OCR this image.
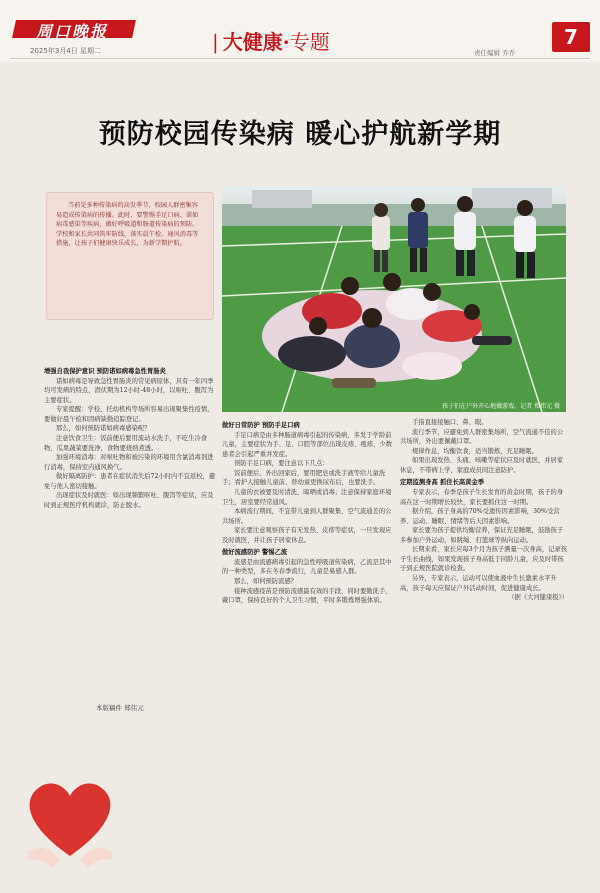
周口晚报
2025年3月4日 星期二	| 大健康·专题	责任编辑 乔乔
7
预防校园传染病 暖心护航新学期
当前是多种传染病的高发季节，校园人群密集容易造成传染病的传播。此时，要警惕手足口病、诺如病毒感染等疾病，做好呼吸道和肠道传染病的预防。学校和家长共同筑牢防线，落实晨午检、通风消毒等措施，让孩子们健康快乐成长，为新学期护航。
孩子们在户外开心地做游戏。记者 郑伟元 摄

增强自我保护意识 预防诺如病毒急性胃肠炎

诺如病毒是导致急性胃肠炎的常见病原体，具有一年四季均可发病的特点，潜伏期为12小时-48小时，以呕吐、腹泻为主要症状。

专家提醒：学校、托幼机构等场所容易出现聚集性疫情，要做好晨午检和因病缺勤追踪登记。

那么，如何预防诺如病毒感染呢？

注意饮食卫生：饭前便后要用流动水洗手，不吃生冷食物，瓜果蔬菜要洗净，食物要烧熟煮透。

加强环境消毒：对呕吐物和被污染的环境用含氯消毒剂进行消毒，保持室内通风换气。

做好隔离防护：患者在症状消失后72小时内不宜返校，避免与他人密切接触。

出现症状及时就医：如出现频繁呕吐、腹泻等症状，应及时到正规医疗机构就诊，防止脱水。

本版稿件 郑伟元

做好日常防护 预防手足口病

手足口病是由多种肠道病毒引起的传染病，多发于学龄前儿童，主要症状为手、足、口腔等部位出现皮疹、疱疹，少数患者会引起严重并发症。

预防手足口病，要注意以下几点：

饭前便后、外出回家后，要用肥皂或洗手液等给儿童洗手；看护人接触儿童前、替幼童更换尿布后，也要洗手。

儿童的衣被要及时清洗、晾晒或消毒；注意保持家庭环境卫生，居室要经常通风。

本病流行期间，不宜带儿童到人群聚集、空气流通差的公共场所。

家长要注意观察孩子有无发热、皮疹等症状，一旦发现应及时就医，并让孩子居家休息。

做好流感防护 警惕乙流

流感是由流感病毒引起的急性呼吸道传染病，乙流是其中的一种类型，多在冬春季流行，儿童是易感人群。

那么，如何预防流感？

接种流感疫苗是预防流感最有效的手段，同时要勤洗手、戴口罩，保持良好的个人卫生习惯，平时多锻炼增强体质。

手指直接接触口、鼻、眼。

流行季节，应避免到人群密集场所，空气流通不佳的公共场所，外出要佩戴口罩。

规律作息，均衡饮食，适当锻炼，充足睡眠。

如果出现发热、头痛、咳嗽等症状应及时就医，并居家休息，不带病上学，家庭成员间注意防护。

定期监测身高 抓住长高黄金季

专家表示，春季是孩子生长发育的黄金时期，孩子的身高在这一时期增长较快，家长要抓住这一时期。

据介绍，孩子身高的70%受遗传因素影响，30%受营养、运动、睡眠、情绪等后天因素影响。

家长要为孩子提供均衡营养，保证充足睡眠，鼓励孩子多参加户外运动，如跳绳、打篮球等纵向运动。

长期来看，家长应每3个月为孩子测量一次身高，记录孩子生长曲线，如果发现孩子身高低于同龄儿童，应及时带孩子到正规医院就诊检查。

另外，专家表示，运动可以使血液中生长激素水平升高，孩子每天应保证户外活动时间，促进健康成长。

（据《大河健康报》）
